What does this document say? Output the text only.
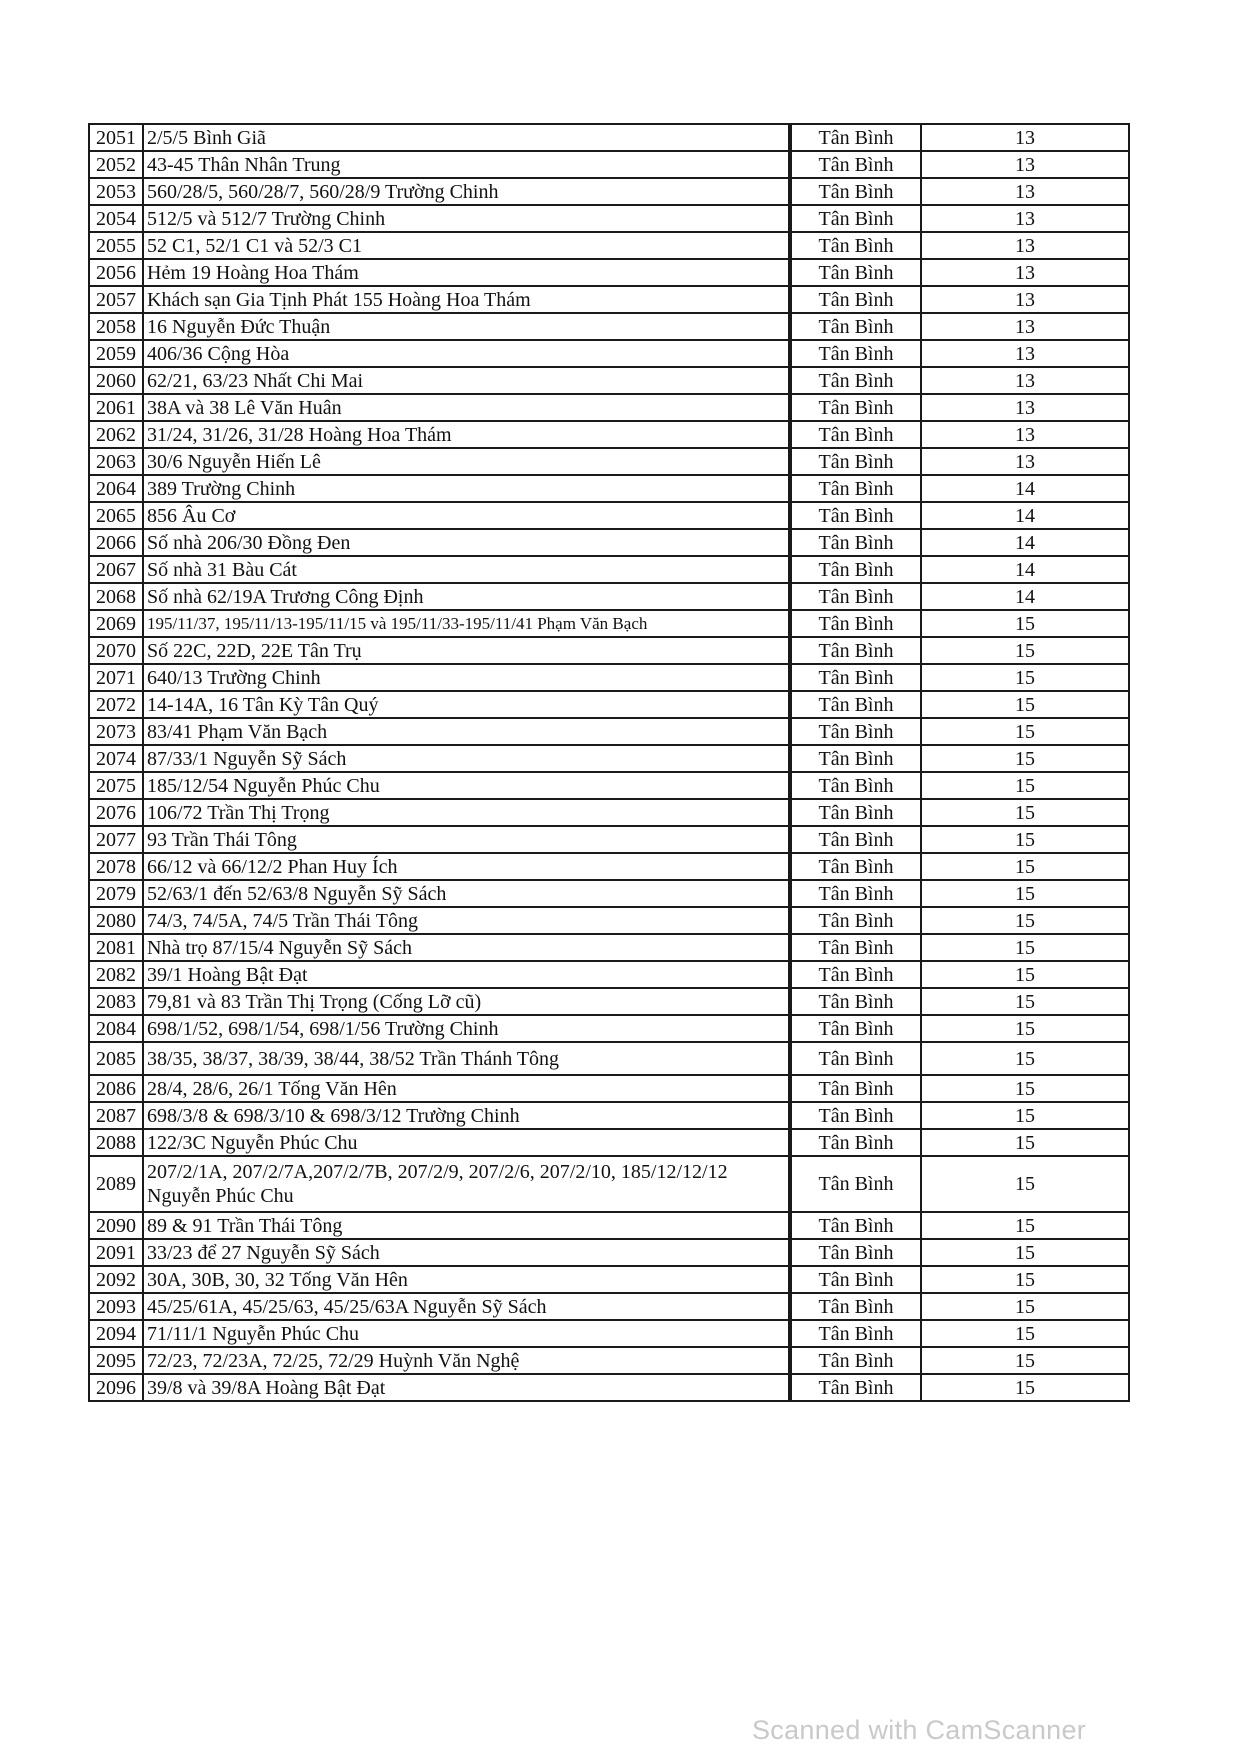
2051	2/5/5 Bình Giã	Tân Bình	13
2052	43-45 Thân Nhân Trung	Tân Bình	13
2053	560/28/5, 560/28/7, 560/28/9 Trường Chinh	Tân Bình	13
2054	512/5 và 512/7 Trường Chinh	Tân Bình	13
2055	52 C1, 52/1 C1 và 52/3 C1	Tân Bình	13
2056	Hẻm 19 Hoàng Hoa Thám	Tân Bình	13
2057	Khách sạn Gia Tịnh Phát 155 Hoàng Hoa Thám	Tân Bình	13
2058	16 Nguyễn Đức Thuận	Tân Bình	13
2059	406/36 Cộng Hòa	Tân Bình	13
2060	62/21, 63/23 Nhất Chi Mai	Tân Bình	13
2061	38A và 38 Lê Văn Huân	Tân Bình	13
2062	31/24, 31/26, 31/28 Hoàng Hoa Thám	Tân Bình	13
2063	30/6 Nguyễn Hiến Lê	Tân Bình	13
2064	389 Trường Chinh	Tân Bình	14
2065	856 Âu Cơ	Tân Bình	14
2066	Số nhà 206/30 Đồng Đen	Tân Bình	14
2067	Số nhà 31 Bàu Cát	Tân Bình	14
2068	Số nhà 62/19A Trương Công Định	Tân Bình	14
2069	195/11/37, 195/11/13-195/11/15 và 195/11/33-195/11/41 Phạm Văn Bạch	Tân Bình	15
2070	Số 22C, 22D, 22E Tân Trụ	Tân Bình	15
2071	640/13 Trường Chinh	Tân Bình	15
2072	14-14A, 16 Tân Kỳ Tân Quý	Tân Bình	15
2073	83/41 Phạm Văn Bạch	Tân Bình	15
2074	87/33/1 Nguyễn Sỹ Sách	Tân Bình	15
2075	185/12/54 Nguyễn Phúc Chu	Tân Bình	15
2076	106/72 Trần Thị Trọng	Tân Bình	15
2077	93 Trần Thái Tông	Tân Bình	15
2078	66/12 và 66/12/2 Phan Huy Ích	Tân Bình	15
2079	52/63/1 đến 52/63/8 Nguyễn Sỹ Sách	Tân Bình	15
2080	74/3, 74/5A, 74/5 Trần Thái Tông	Tân Bình	15
2081	Nhà trọ 87/15/4 Nguyễn Sỹ Sách	Tân Bình	15
2082	39/1 Hoàng Bật Đạt	Tân Bình	15
2083	79,81 và 83 Trần Thị Trọng (Cống Lỡ cũ)	Tân Bình	15
2084	698/1/52, 698/1/54, 698/1/56 Trường Chinh	Tân Bình	15
2085	38/35, 38/37, 38/39, 38/44, 38/52 Trần Thánh Tông	Tân Bình	15
2086	28/4, 28/6, 26/1 Tống Văn Hên	Tân Bình	15
2087	698/3/8 & 698/3/10 & 698/3/12 Trường Chinh	Tân Bình	15
2088	122/3C Nguyễn Phúc Chu	Tân Bình	15
2089	207/2/1A, 207/2/7A,207/2/7B, 207/2/9, 207/2/6, 207/2/10, 185/12/12/12 Nguyễn Phúc Chu	Tân Bình	15
2090	89 & 91 Trần Thái Tông	Tân Bình	15
2091	33/23 để 27 Nguyễn Sỹ Sách	Tân Bình	15
2092	30A, 30B, 30, 32 Tống Văn Hên	Tân Bình	15
2093	45/25/61A, 45/25/63, 45/25/63A Nguyễn Sỹ Sách	Tân Bình	15
2094	71/11/1 Nguyễn Phúc Chu	Tân Bình	15
2095	72/23, 72/23A, 72/25, 72/29 Huỳnh Văn Nghệ	Tân Bình	15
2096	39/8 và 39/8A Hoàng Bật Đạt	Tân Bình	15
Scanned with CamScanner
